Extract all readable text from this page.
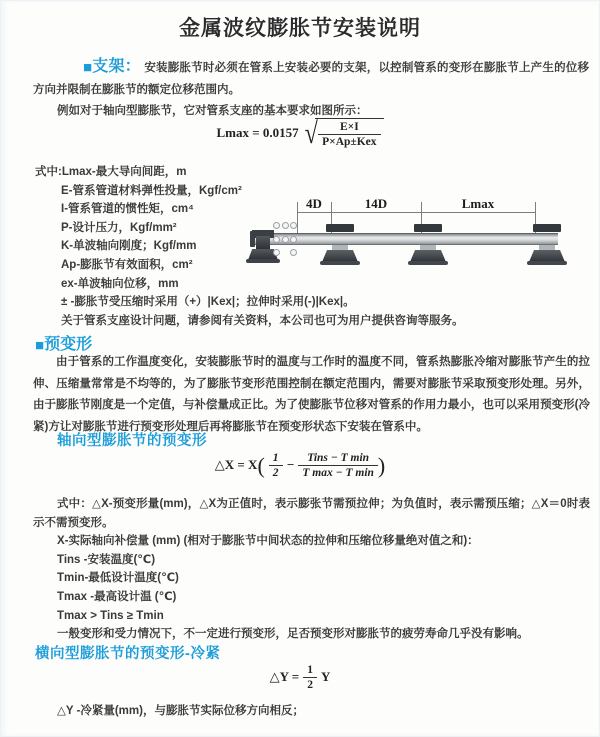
金属波纹膨胀节安装说明

■支架： 安装膨胀节时必须在管系上安装必要的支架，以控制管系的变形在膨胀节上产生的位移方向并限制在膨胀节的额定位移范围内。

例如对于轴向型膨胀节，它对管系支座的基本要求如图所示：

Lmax = 0.0157 √ $\frac{E\times I}{\text{P×Ap±Kex}}$
式中:Lmax-最大导向间距，m
E-管系管道材料弹性投量，Kgf/cm²
I-管系管道的惯性矩，cm⁴
P-设计压力，Kgf/mm²
K-单波轴向刚度；Kgf/mm
Ap-膨胀节有效面积，cm²
ex-单波轴向位移，mm
± -膨胀节受压缩时采用（+）|Kex|；拉伸时采用(-)|Kex|。
关于管系支座设计问题，请参阅有关资料，本公司也可为用户提供咨询等服务。
4D	14D	Lmax
■预变形

由于管系的工作温度变化，安装膨胀节时的温度与工作时的温度不同，管系热膨胀冷缩对膨胀节产生的拉伸、压缩量常常是不均等的，为了膨胀节变形范围控制在额定范围内，需要对膨胀节采取预变形处理。另外，由于膨胀节刚度是一个定值，与补偿量成正比。为了使膨胀节位移对管系的作用力最小，也可以采用预变形(冷紧)方让对膨胀节进行预变形处理后再将膨胀节在预变形状态下安装在管系中。

轴向型膨胀节的预变形
△X = $X( \frac{1}{2} - \frac{\text{Tins − T min}}{\text{T max − T min}}$ )

式中：△X-预变形量(mm)，△X为正值时，表示膨张节需预拉伸；为负值时，表示需预压缩；△X＝0时表示不需预变形。

X-实际轴向补偿量 (mm) (相对于膨胀节中间状态的拉伸和压缩位移量绝对值之和)：

Tins -安装温度(℃)

Tmin-最低设计温度(℃)

Tmax -最高设计温 (℃)

Tmax > Tins ≥ Tmin

一般变形和受力情况下，不一定进行预变形，足否预变形对膨胀节的疲劳寿命几乎没有影响。

横向型膨胀节的预变形-冷紧
△Y = $\frac{1}{2}$ Y
△Y -冷紧量(mm)，与膨胀节实际位移方向相反；
